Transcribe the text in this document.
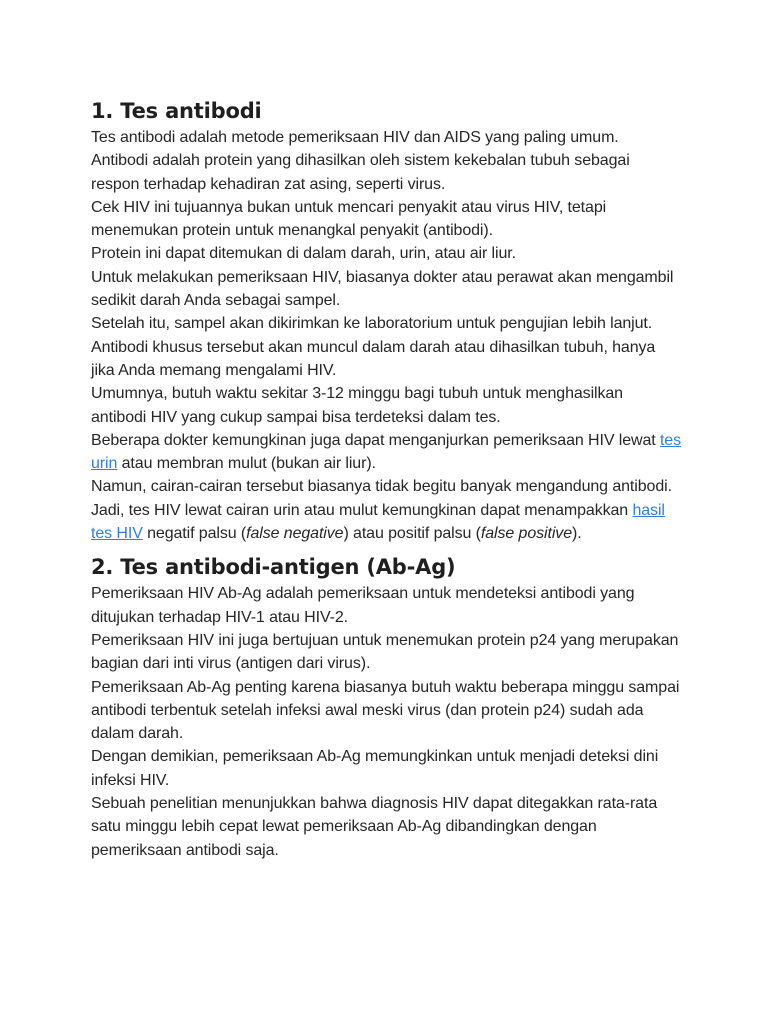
1. Tes antibodi

Tes antibodi adalah metode pemeriksaan HIV dan AIDS yang paling umum.

Antibodi adalah protein yang dihasilkan oleh sistem kekebalan tubuh sebagai respon terhadap kehadiran zat asing, seperti virus.

Cek HIV ini tujuannya bukan untuk mencari penyakit atau virus HIV, tetapi menemukan protein untuk menangkal penyakit (antibodi).

Protein ini dapat ditemukan di dalam darah, urin, atau air liur.

Untuk melakukan pemeriksaan HIV, biasanya dokter atau perawat akan mengambil sedikit darah Anda sebagai sampel.

Setelah itu, sampel akan dikirimkan ke laboratorium untuk pengujian lebih lanjut.

Antibodi khusus tersebut akan muncul dalam darah atau dihasilkan tubuh, hanya jika Anda memang mengalami HIV.

Umumnya, butuh waktu sekitar 3-12 minggu bagi tubuh untuk menghasilkan antibodi HIV yang cukup sampai bisa terdeteksi dalam tes.

Beberapa dokter kemungkinan juga dapat menganjurkan pemeriksaan HIV lewat tes urin atau membran mulut (bukan air liur).

Namun, cairan-cairan tersebut biasanya tidak begitu banyak mengandung antibodi.

Jadi, tes HIV lewat cairan urin atau mulut kemungkinan dapat menampakkan hasil tes HIV negatif palsu (false negative) atau positif palsu (false positive).

2. Tes antibodi-antigen (Ab-Ag)

Pemeriksaan HIV Ab-Ag adalah pemeriksaan untuk mendeteksi antibodi yang ditujukan terhadap HIV-1 atau HIV-2.

Pemeriksaan HIV ini juga bertujuan untuk menemukan protein p24 yang merupakan bagian dari inti virus (antigen dari virus).

Pemeriksaan Ab-Ag penting karena biasanya butuh waktu beberapa minggu sampai antibodi terbentuk setelah infeksi awal meski virus (dan protein p24) sudah ada dalam darah.

Dengan demikian, pemeriksaan Ab-Ag memungkinkan untuk menjadi deteksi dini infeksi HIV.

Sebuah penelitian menunjukkan bahwa diagnosis HIV dapat ditegakkan rata-rata satu minggu lebih cepat lewat pemeriksaan Ab-Ag dibandingkan dengan pemeriksaan antibodi saja.
